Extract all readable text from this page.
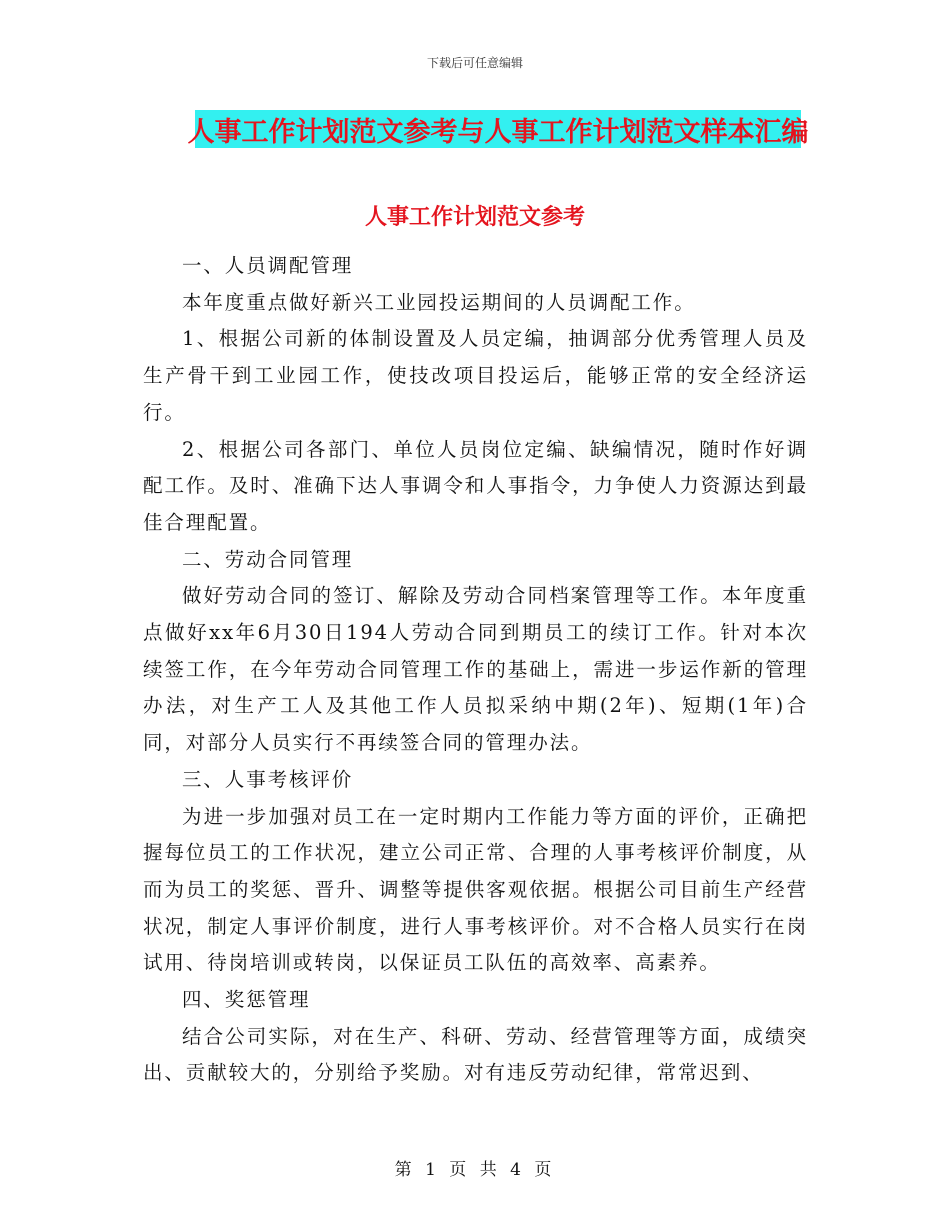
下载后可任意编辑
人事工作计划范文参考与人事工作计划范文样本汇编
人事工作计划范文参考

一、人员调配管理

本年度重点做好新兴工业园投运期间的人员调配工作。

1、根据公司新的体制设置及人员定编，抽调部分优秀管理人员及生产骨干到工业园工作，使技改项目投运后，能够正常的安全经济运行。

2、根据公司各部门、单位人员岗位定编、缺编情况，随时作好调配工作。及时、准确下达人事调令和人事指令，力争使人力资源达到最佳合理配置。

二、劳动合同管理

做好劳动合同的签订、解除及劳动合同档案管理等工作。本年度重点做好xx年6月30日194人劳动合同到期员工的续订工作。针对本次续签工作，在今年劳动合同管理工作的基础上，需进一步运作新的管理办法，对生产工人及其他工作人员拟采纳中期(2年)、短期(1年)合同，对部分人员实行不再续签合同的管理办法。

三、人事考核评价

为进一步加强对员工在一定时期内工作能力等方面的评价，正确把握每位员工的工作状况，建立公司正常、合理的人事考核评价制度，从而为员工的奖惩、晋升、调整等提供客观依据。根据公司目前生产经营状况，制定人事评价制度，进行人事考核评价。对不合格人员实行在岗试用、待岗培训或转岗，以保证员工队伍的高效率、高素养。

四、奖惩管理

结合公司实际，对在生产、科研、劳动、经营管理等方面，成绩突出、贡献较大的，分别给予奖励。对有违反劳动纪律，常常迟到、

第 1 页 共 4 页
